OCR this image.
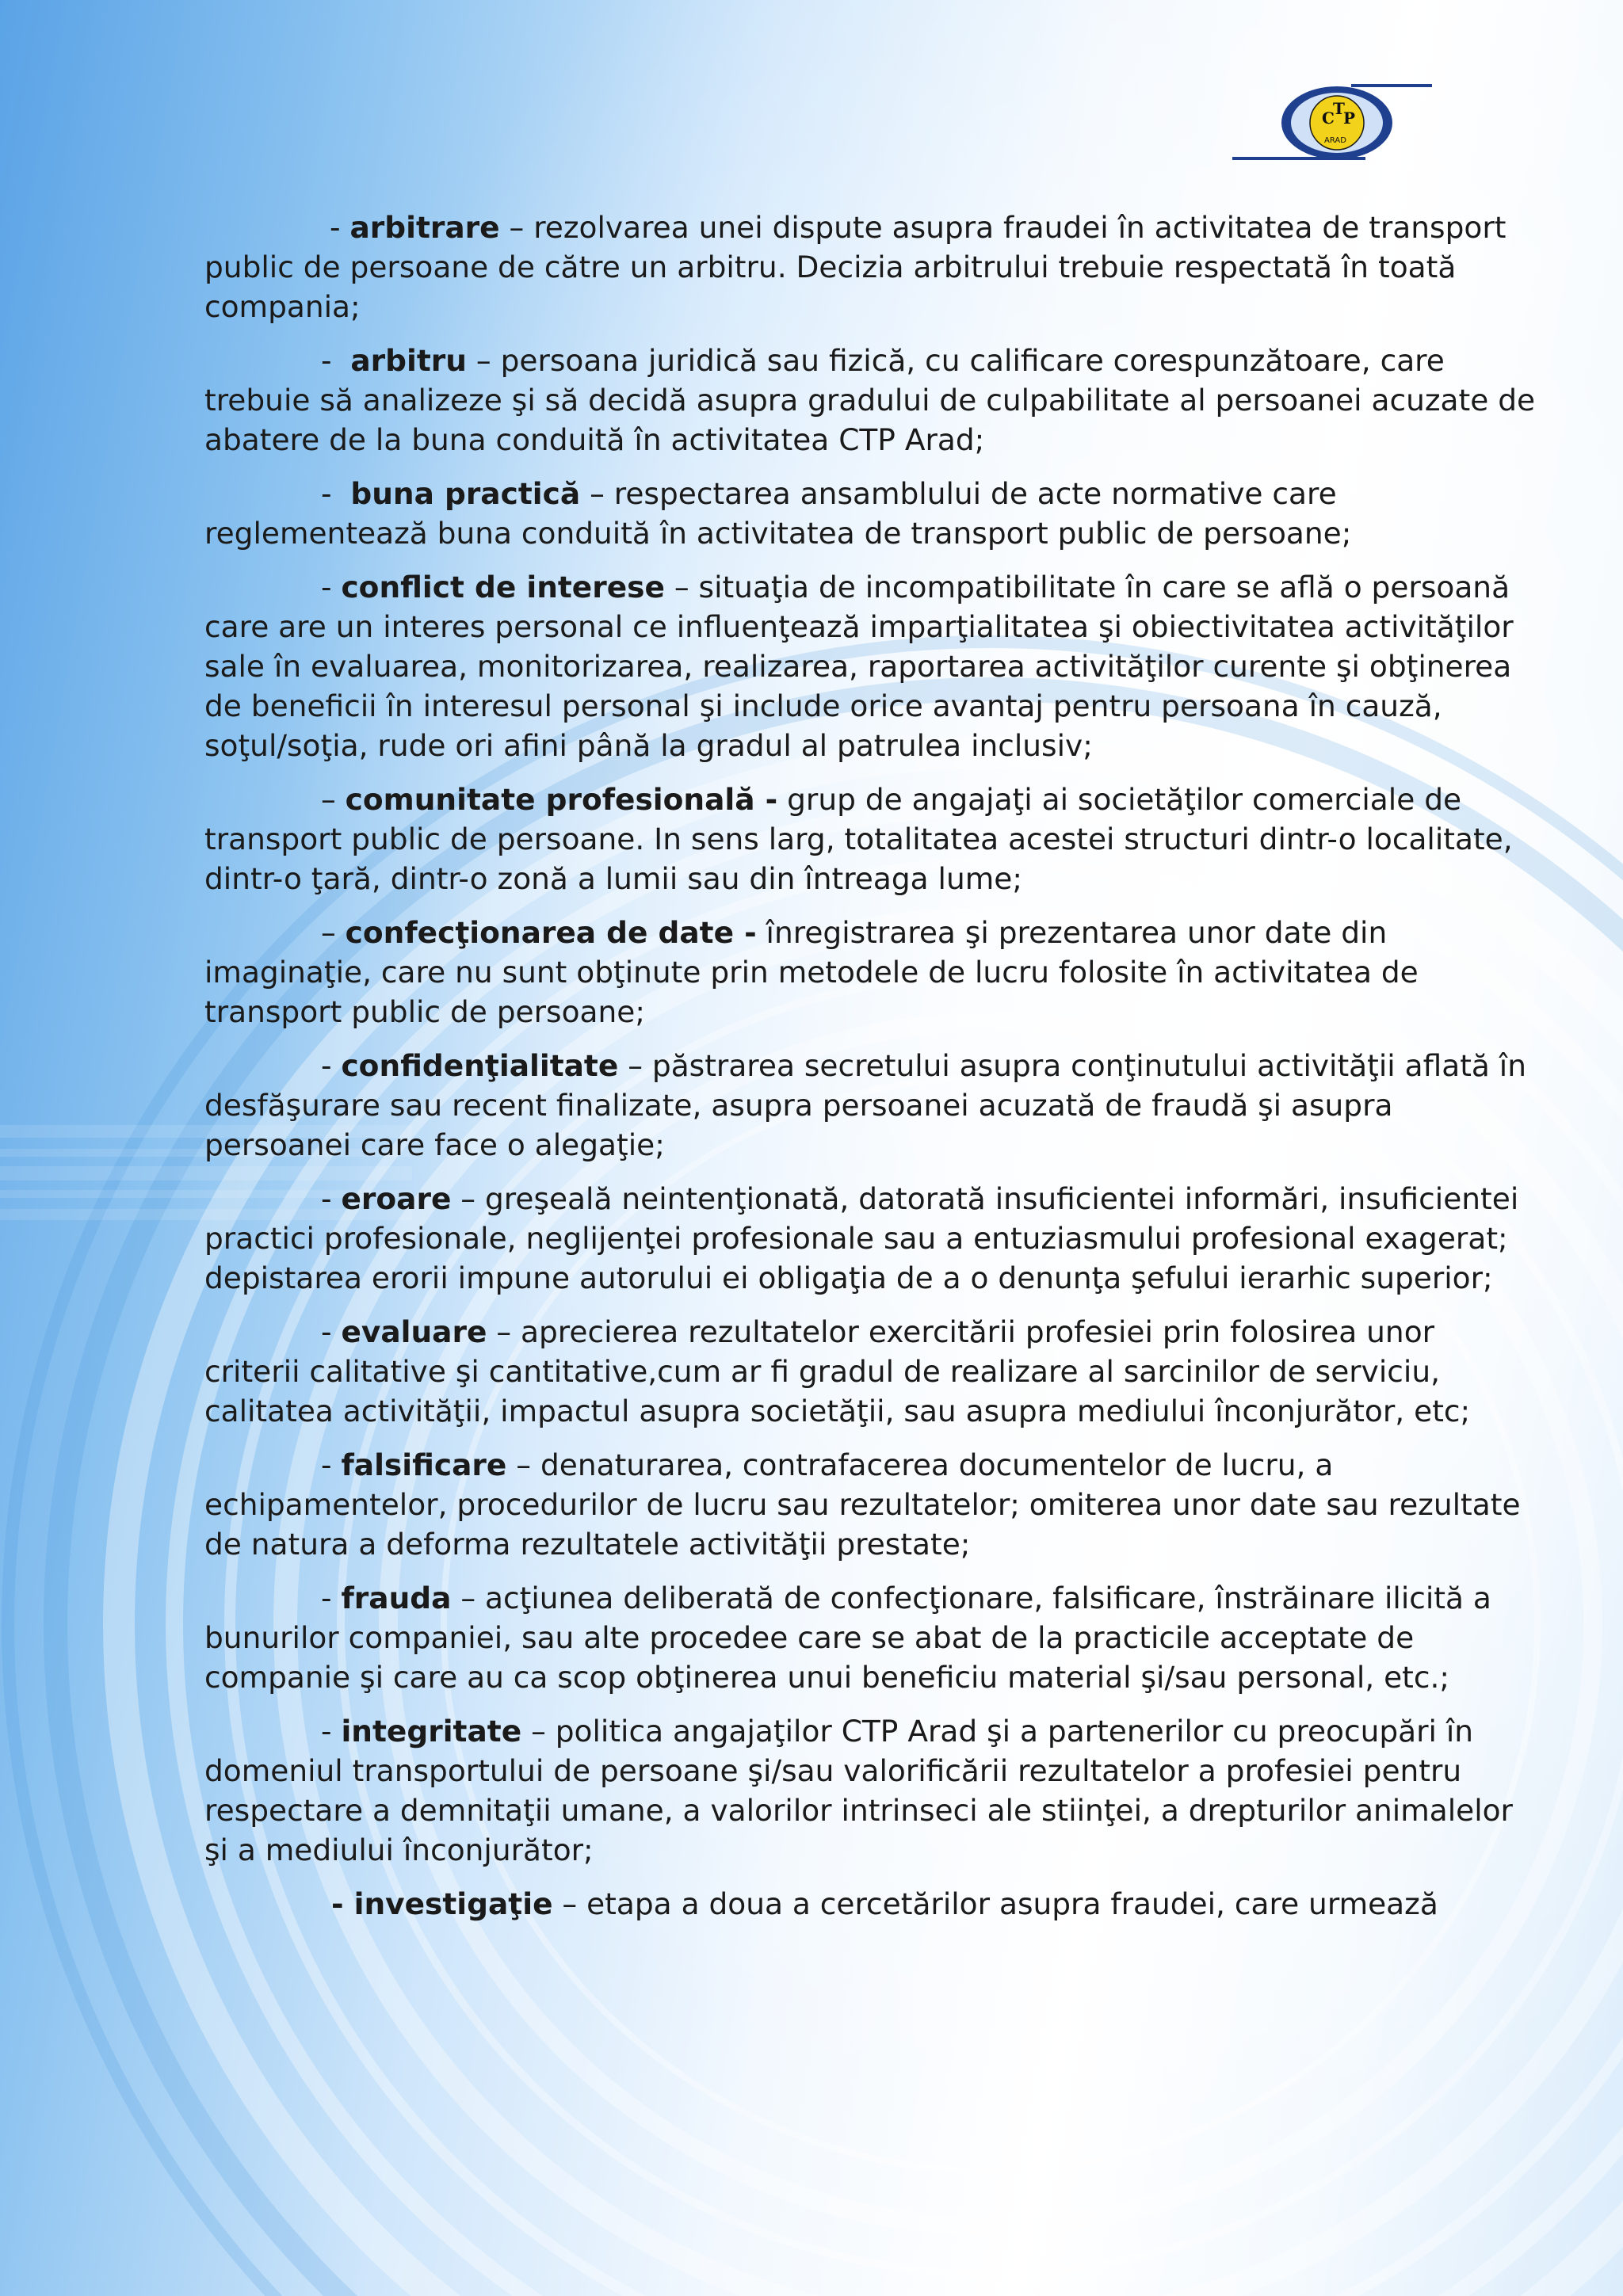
C
T
P
ARAD

- arbitrare – rezolvarea unei dispute asupra fraudei în activitatea de transport public de persoane de către un arbitru. Decizia arbitrului trebuie respectată în toată compania;

-  arbitru – persoana juridică sau fizică, cu calificare corespunzătoare, care trebuie să analizeze şi să decidă asupra gradului de culpabilitate al persoanei acuzate de abatere de la buna conduită în activitatea CTP Arad;

-  buna practică – respectarea ansamblului de acte normative care reglementează buna conduită în activitatea de transport public de persoane;

- conflict de interese – situaţia de incompatibilitate în care se află o persoană care are un interes personal ce influenţează imparţialitatea şi obiectivitatea activităţilor sale în evaluarea, monitorizarea, realizarea, raportarea activităţilor curente şi obţinerea de beneficii în interesul personal şi include orice avantaj pentru persoana în cauză, soţul/soţia, rude ori afini până la gradul al patrulea inclusiv;

– comunitate profesională - grup de angajaţi ai societăţilor comerciale de transport public de persoane. In sens larg, totalitatea acestei structuri dintr-o localitate, dintr-o ţară, dintr-o zonă a lumii sau din întreaga lume;

– confecţionarea de date - înregistrarea şi prezentarea unor date din imaginaţie, care nu sunt obţinute prin metodele de lucru folosite în activitatea de transport public de persoane;

- confidenţialitate – păstrarea secretului asupra conţinutului activităţii aflată în desfăşurare sau recent finalizate, asupra persoanei acuzată de fraudă şi asupra persoanei care face o alegaţie;

- eroare – greşeală neintenţionată, datorată insuficientei informări, insuficientei practici profesionale, neglijenţei profesionale sau a entuziasmului profesional exagerat; depistarea erorii impune autorului ei obligaţia de a o denunţa şefului ierarhic superior;

- evaluare – aprecierea rezultatelor exercitării profesiei prin folosirea unor criterii calitative şi cantitative,cum ar fi gradul de realizare al sarcinilor de serviciu, calitatea activităţii, impactul asupra societăţii, sau asupra mediului înconjurător, etc;

- falsificare – denaturarea, contrafacerea documentelor de lucru, a echipamentelor, procedurilor de lucru sau rezultatelor; omiterea unor date sau rezultate de natura a deforma rezultatele activităţii prestate;

- frauda – acţiunea deliberată de confecţionare, falsificare, înstrăinare ilicită a bunurilor companiei, sau alte procedee care se abat de la practicile acceptate de companie şi care au ca scop obţinerea unui beneficiu material şi/sau personal, etc.;

- integritate – politica angajaţilor CTP Arad şi a partenerilor cu preocupări în domeniul transportului de persoane şi/sau valorificării rezultatelor a profesiei pentru respectare a demnitaţii umane, a valorilor intrinseci ale stiinţei, a drepturilor animalelor şi a mediului înconjurător;

- investigaţie – etapa a doua a cercetărilor asupra fraudei, care urmează
